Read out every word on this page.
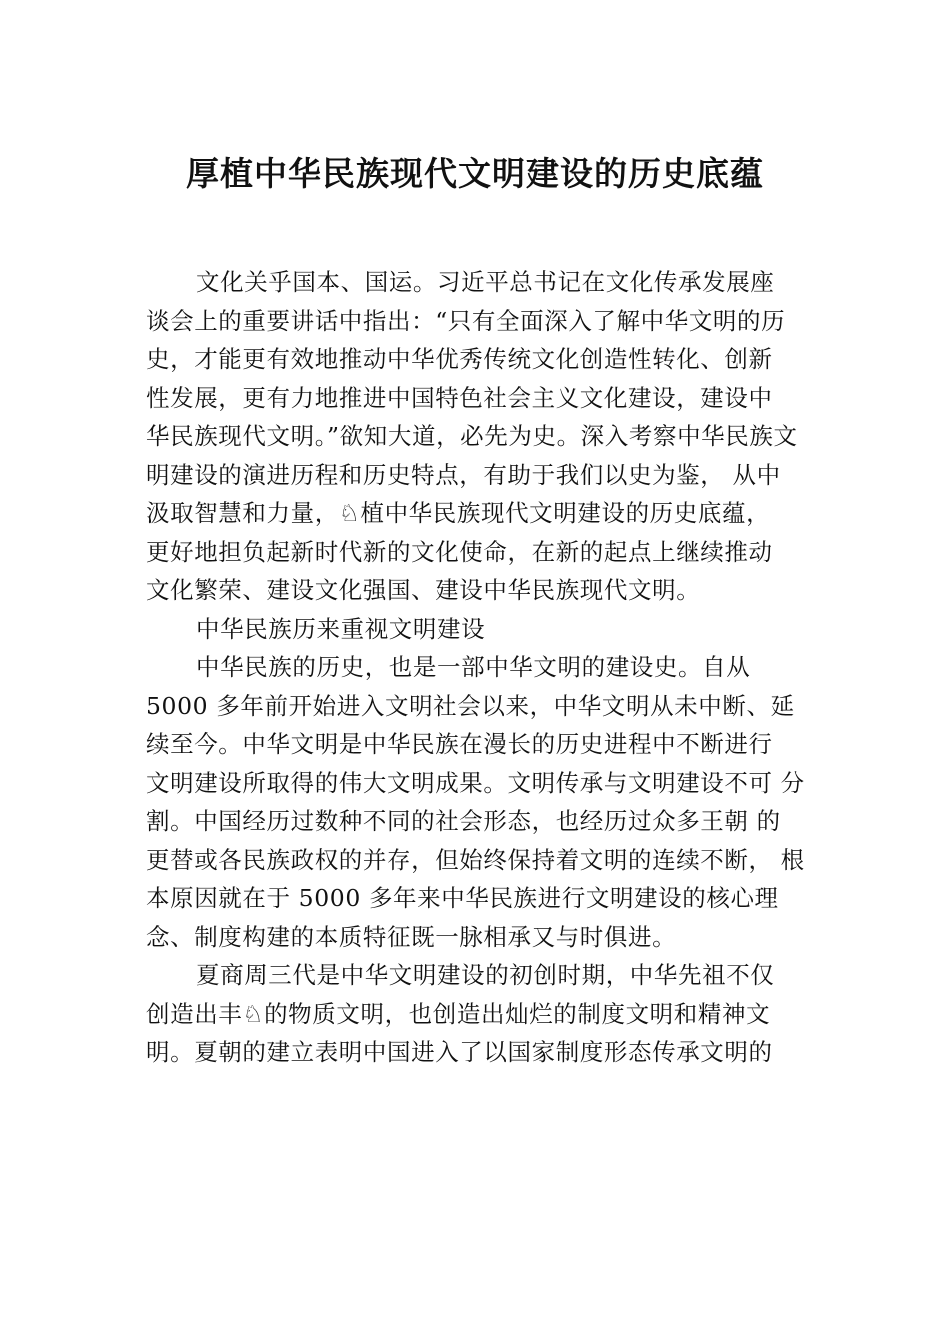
厚植中华民族现代文明建设的历史底蕴
文化关乎国本、国运。习近平总书记在文化传承发展座
谈会上的重要讲话中指出：“只有全面深入了解中华文明的历
史，才能更有效地推动中华优秀传统文化创造性转化、创新
性发展，更有力地推进中国特色社会主义文化建设，建设中
华民族现代文明。”欲知大道，必先为史。深入考察中华民族文
明建设的演进历程和历史特点，有助于我们以史为鉴， 从中
汲取智慧和力量，♘植中华民族现代文明建设的历史底蕴，
更好地担负起新时代新的文化使命，在新的起点上继续推动
文化繁荣、建设文化强国、建设中华民族现代文明。
中华民族历来重视文明建设
中华民族的历史，也是一部中华文明的建设史。自从
5000 多年前开始进入文明社会以来，中华文明从未中断、延
续至今。中华文明是中华民族在漫长的历史进程中不断进行
文明建设所取得的伟大文明成果。文明传承与文明建设不可 分
割。中国经历过数种不同的社会形态，也经历过众多王朝 的
更替或各民族政权的并存，但始终保持着文明的连续不断， 根
本原因就在于 5000 多年来中华民族进行文明建设的核心理
念、制度构建的本质特征既一脉相承又与时俱进。
夏商周三代是中华文明建设的初创时期，中华先祖不仅
创造出丰♘的物质文明，也创造出灿烂的制度文明和精神文
明。夏朝的建立表明中国进入了以国家制度形态传承文明的
